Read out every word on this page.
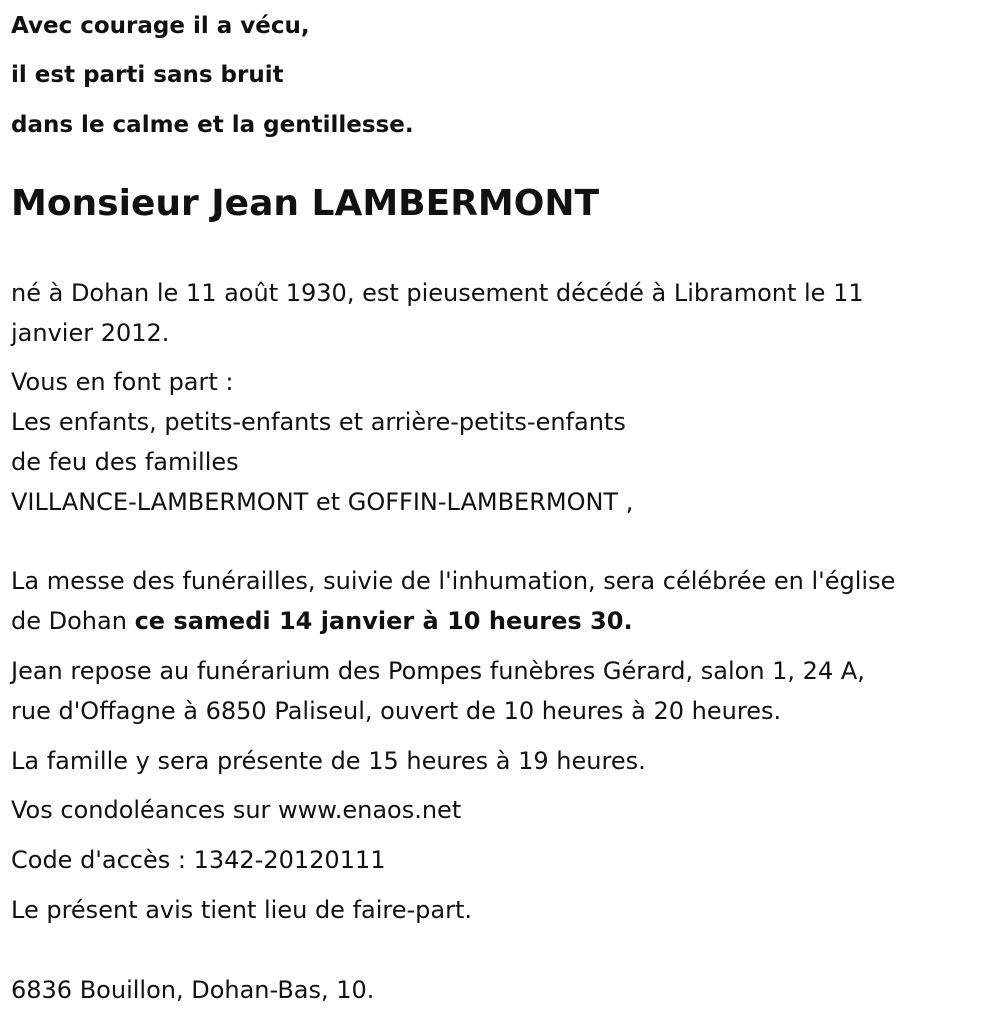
Avec courage il a vécu,
il est parti sans bruit
dans le calme et la gentillesse.
Monsieur Jean LAMBERMONT
né à Dohan le 11 août 1930, est pieusement décédé à Libramont le 11
janvier 2012.
Vous en font part :
Les enfants, petits-enfants et arrière-petits-enfants
de feu des familles
VILLANCE-LAMBERMONT et GOFFIN-LAMBERMONT ,
La messe des funérailles, suivie de l'inhumation, sera célébrée en l'église
de Dohan ce samedi 14 janvier à 10 heures 30.
Jean repose au funérarium des Pompes funèbres Gérard, salon 1, 24 A,
rue d'Offagne à 6850 Paliseul, ouvert de 10 heures à 20 heures.
La famille y sera présente de 15 heures à 19 heures.
Vos condoléances sur www.enaos.net
Code d'accès : 1342-20120111
Le présent avis tient lieu de faire-part.
6836 Bouillon, Dohan-Bas, 10.
